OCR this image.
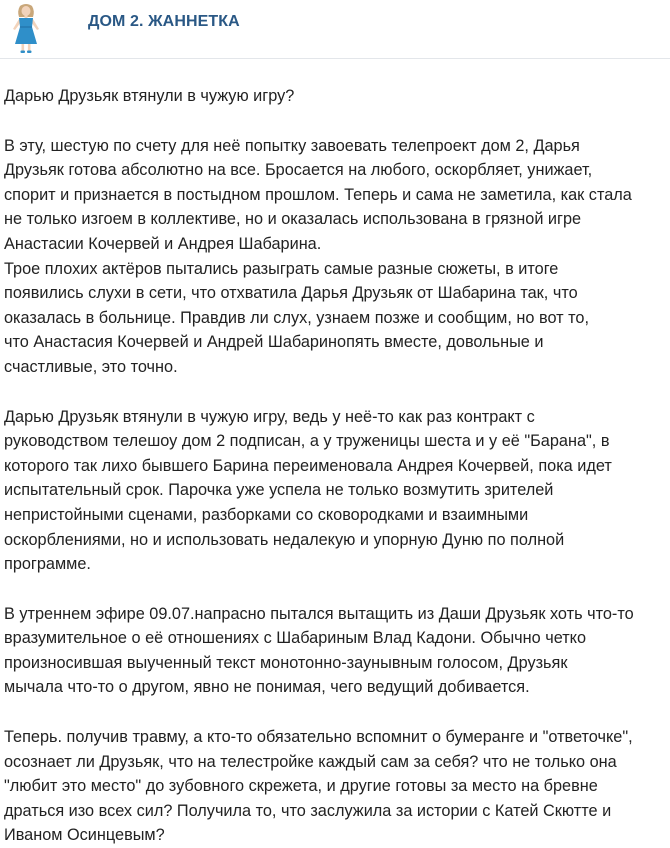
ДОМ 2. ЖАННЕТКА

Дарью Друзьяк втянули в чужую игру?

В эту, шестую по счету для неё попытку завоевать телепроект дом 2, Дарья
Друзьяк готова абсолютно на все. Бросается на любого, оскорбляет, унижает,
спорит и признается в постыдном прошлом. Теперь и сама не заметила, как стала
не только изгоем в коллективе, но и оказалась использована в грязной игре
Анастасии Кочервей и Андрея Шабарина.
Трое плохих актёров пытались разыграть самые разные сюжеты, в итоге
появились слухи в сети, что отхватила Дарья Друзьяк от Шабарина так, что
оказалась в больнице. Правдив ли слух, узнаем позже и сообщим, но вот то,
что Анастасия Кочервей и Андрей Шабаринопять вместе, довольные и
счастливые, это точно.

Дарью Друзьяк втянули в чужую игру, ведь у неё-то как раз контракт с
руководством телешоу дом 2 подписан, а у труженицы шеста и у её "Барана", в
которого так лихо бывшего Барина переименовала Андрея Кочервей, пока идет
испытательный срок. Парочка уже успела не только возмутить зрителей
непристойными сценами, разборками со сковородками и взаимными
оскорблениями, но и использовать недалекую и упорную Дуню по полной
программе.

В утреннем эфире 09.07.напрасно пытался вытащить из Даши Друзьяк хоть что-то
вразумительное о её отношениях с Шабариным Влад Кадони. Обычно четко
произносившая выученный текст монотонно-заунывным голосом, Друзьяк
мычала что-то о другом, явно не понимая, чего ведущий добивается.

Теперь. получив травму, а кто-то обязательно вспомнит о бумеранге и "ответочке",
осознает ли Друзьяк, что на телестройке каждый сам за себя? что не только она
"любит это место" до зубовного скрежета, и другие готовы за место на бревне
драться изо всех сил? Получила то, что заслужила за истории с Катей Скютте и
Иваном Осинцевым?
